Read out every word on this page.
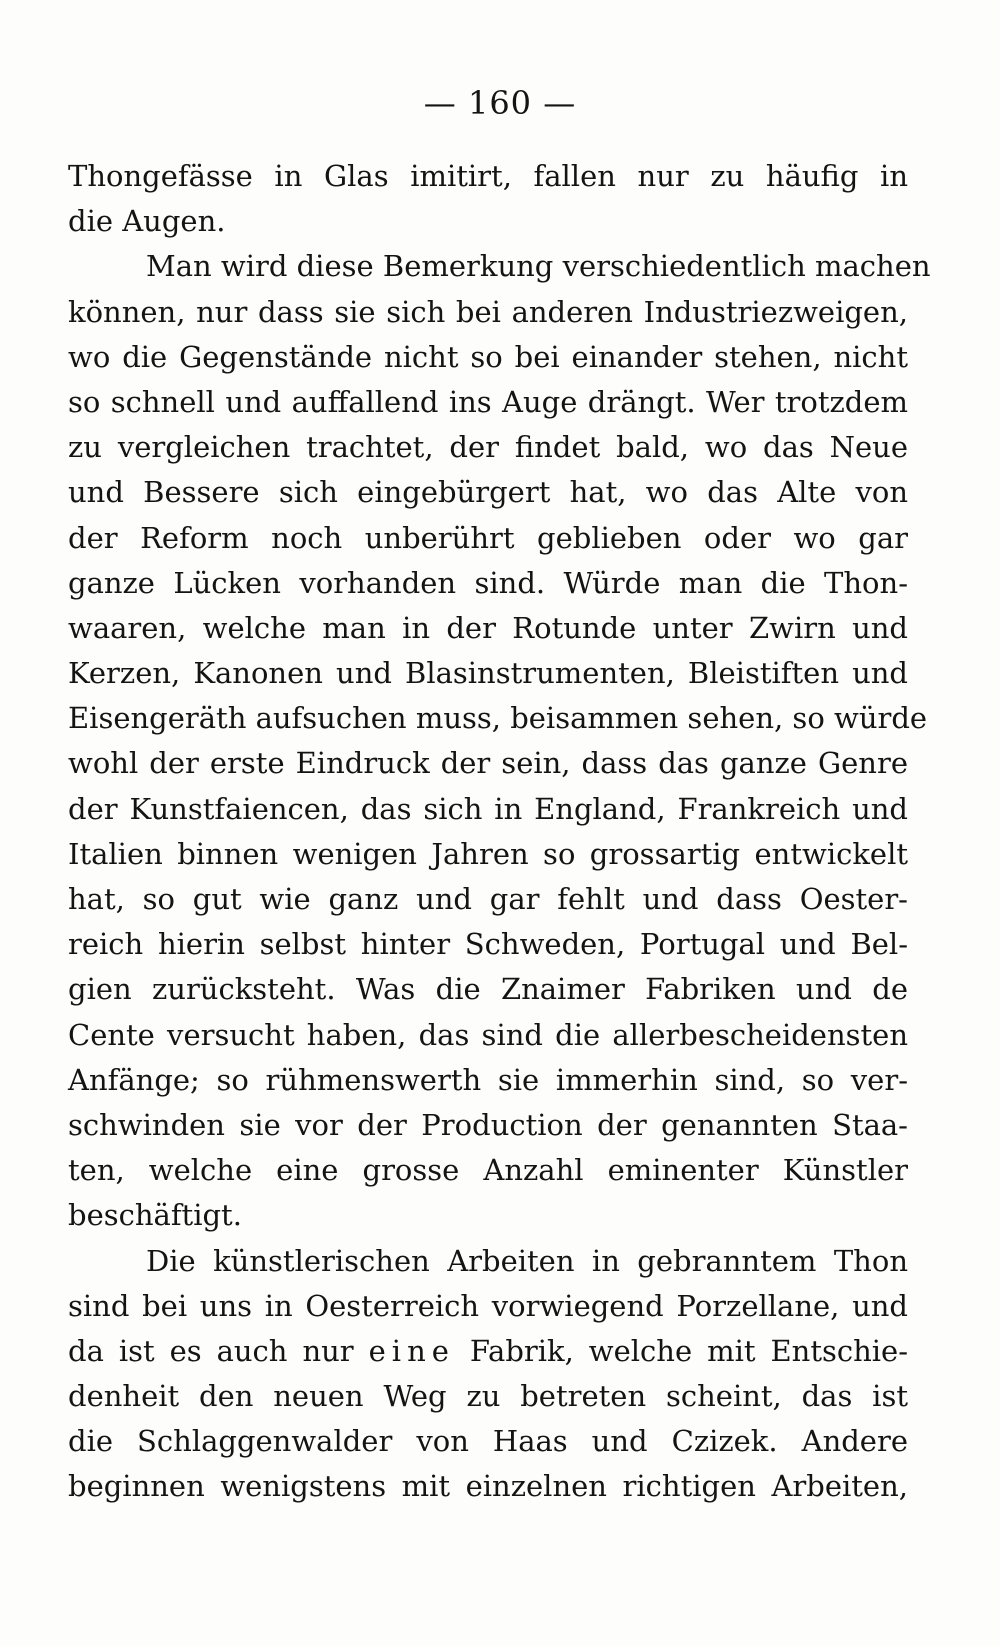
— 160 —
Thongefässe in Glas imitirt, fallen nur zu häufig in
die Augen.
Man wird diese Bemerkung verschiedentlich machen
können, nur dass sie sich bei anderen Industriezweigen,
wo die Gegenstände nicht so bei einander stehen, nicht
so schnell und auffallend ins Auge drängt. Wer trotzdem
zu vergleichen trachtet, der findet bald, wo das Neue
und Bessere sich eingebürgert hat, wo das Alte von
der Reform noch unberührt geblieben oder wo gar
ganze Lücken vorhanden sind. Würde man die Thon-
waaren, welche man in der Rotunde unter Zwirn und
Kerzen, Kanonen und Blasinstrumenten, Bleistiften und
Eisengeräth aufsuchen muss, beisammen sehen, so würde
wohl der erste Eindruck der sein, dass das ganze Genre
der Kunstfaiencen, das sich in England, Frankreich und
Italien binnen wenigen Jahren so grossartig entwickelt
hat, so gut wie ganz und gar fehlt und dass Oester-
reich hierin selbst hinter Schweden, Portugal und Bel-
gien zurücksteht. Was die Znaimer Fabriken und de
Cente versucht haben, das sind die allerbescheidensten
Anfänge; so rühmenswerth sie immerhin sind, so ver-
schwinden sie vor der Production der genannten Staa-
ten, welche eine grosse Anzahl eminenter Künstler
beschäftigt.
Die künstlerischen Arbeiten in gebranntem Thon
sind bei uns in Oesterreich vorwiegend Porzellane, und
da ist es auch nur eine Fabrik, welche mit Entschie-
denheit den neuen Weg zu betreten scheint, das ist
die Schlaggenwalder von Haas und Czizek. Andere
beginnen wenigstens mit einzelnen richtigen Arbeiten,
